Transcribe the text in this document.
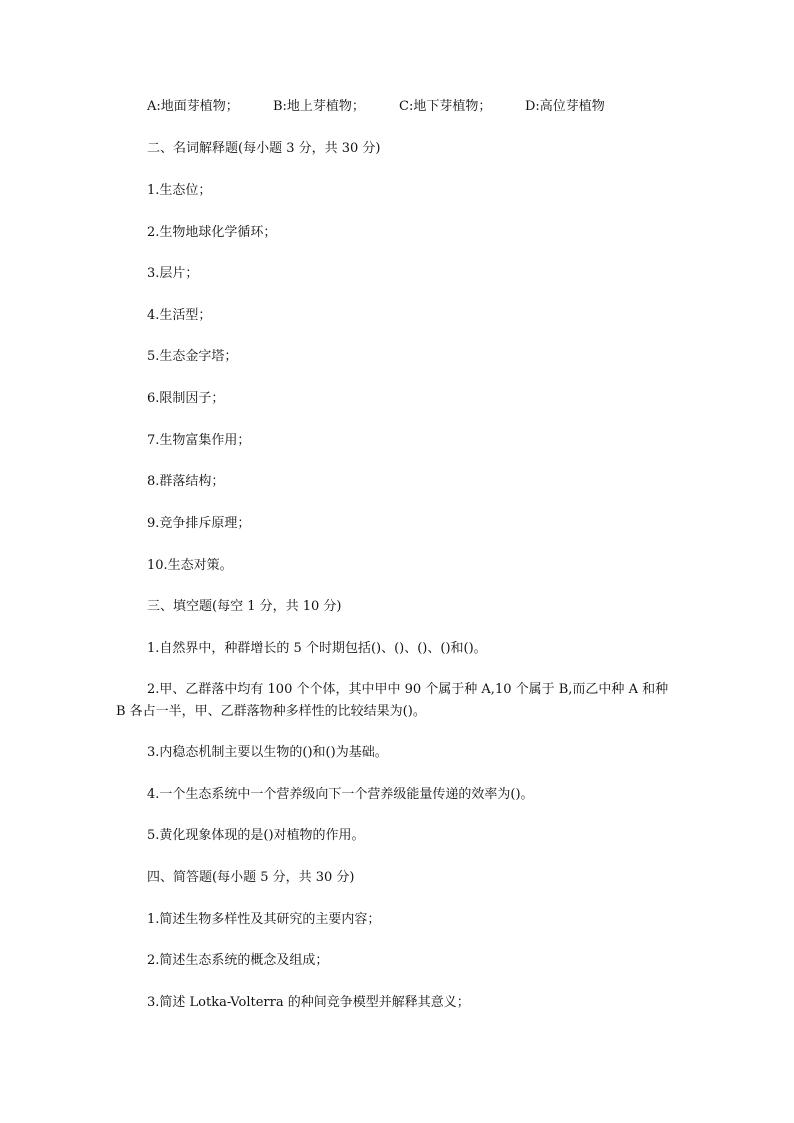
A:地面芽植物；	B:地上芽植物；	C:地下芽植物；	D:高位芽植物
二、名词解释题(每小题 3 分，共 30 分)
1.生态位；
2.生物地球化学循环；
3.层片；
4.生活型；
5.生态金字塔；
6.限制因子；
7.生物富集作用；
8.群落结构；
9.竞争排斥原理；
10.生态对策。
三、填空题(每空 1 分，共 10 分)
1.自然界中，种群增长的 5 个时期包括()、()、()、()和()。
2.甲、乙群落中均有 100 个个体，其中甲中 90 个属于种 A,10 个属于 B,而乙中种 A 和种 B 各占一半，甲、乙群落物种多样性的比较结果为()。
3.内稳态机制主要以生物的()和()为基础。
4.一个生态系统中一个营养级向下一个营养级能量传递的效率为()。
5.黄化现象体现的是()对植物的作用。
四、简答题(每小题 5 分，共 30 分)
1.简述生物多样性及其研究的主要内容；
2.简述生态系统的概念及组成；
3.简述 Lotka-Volterra 的种间竞争模型并解释其意义；
